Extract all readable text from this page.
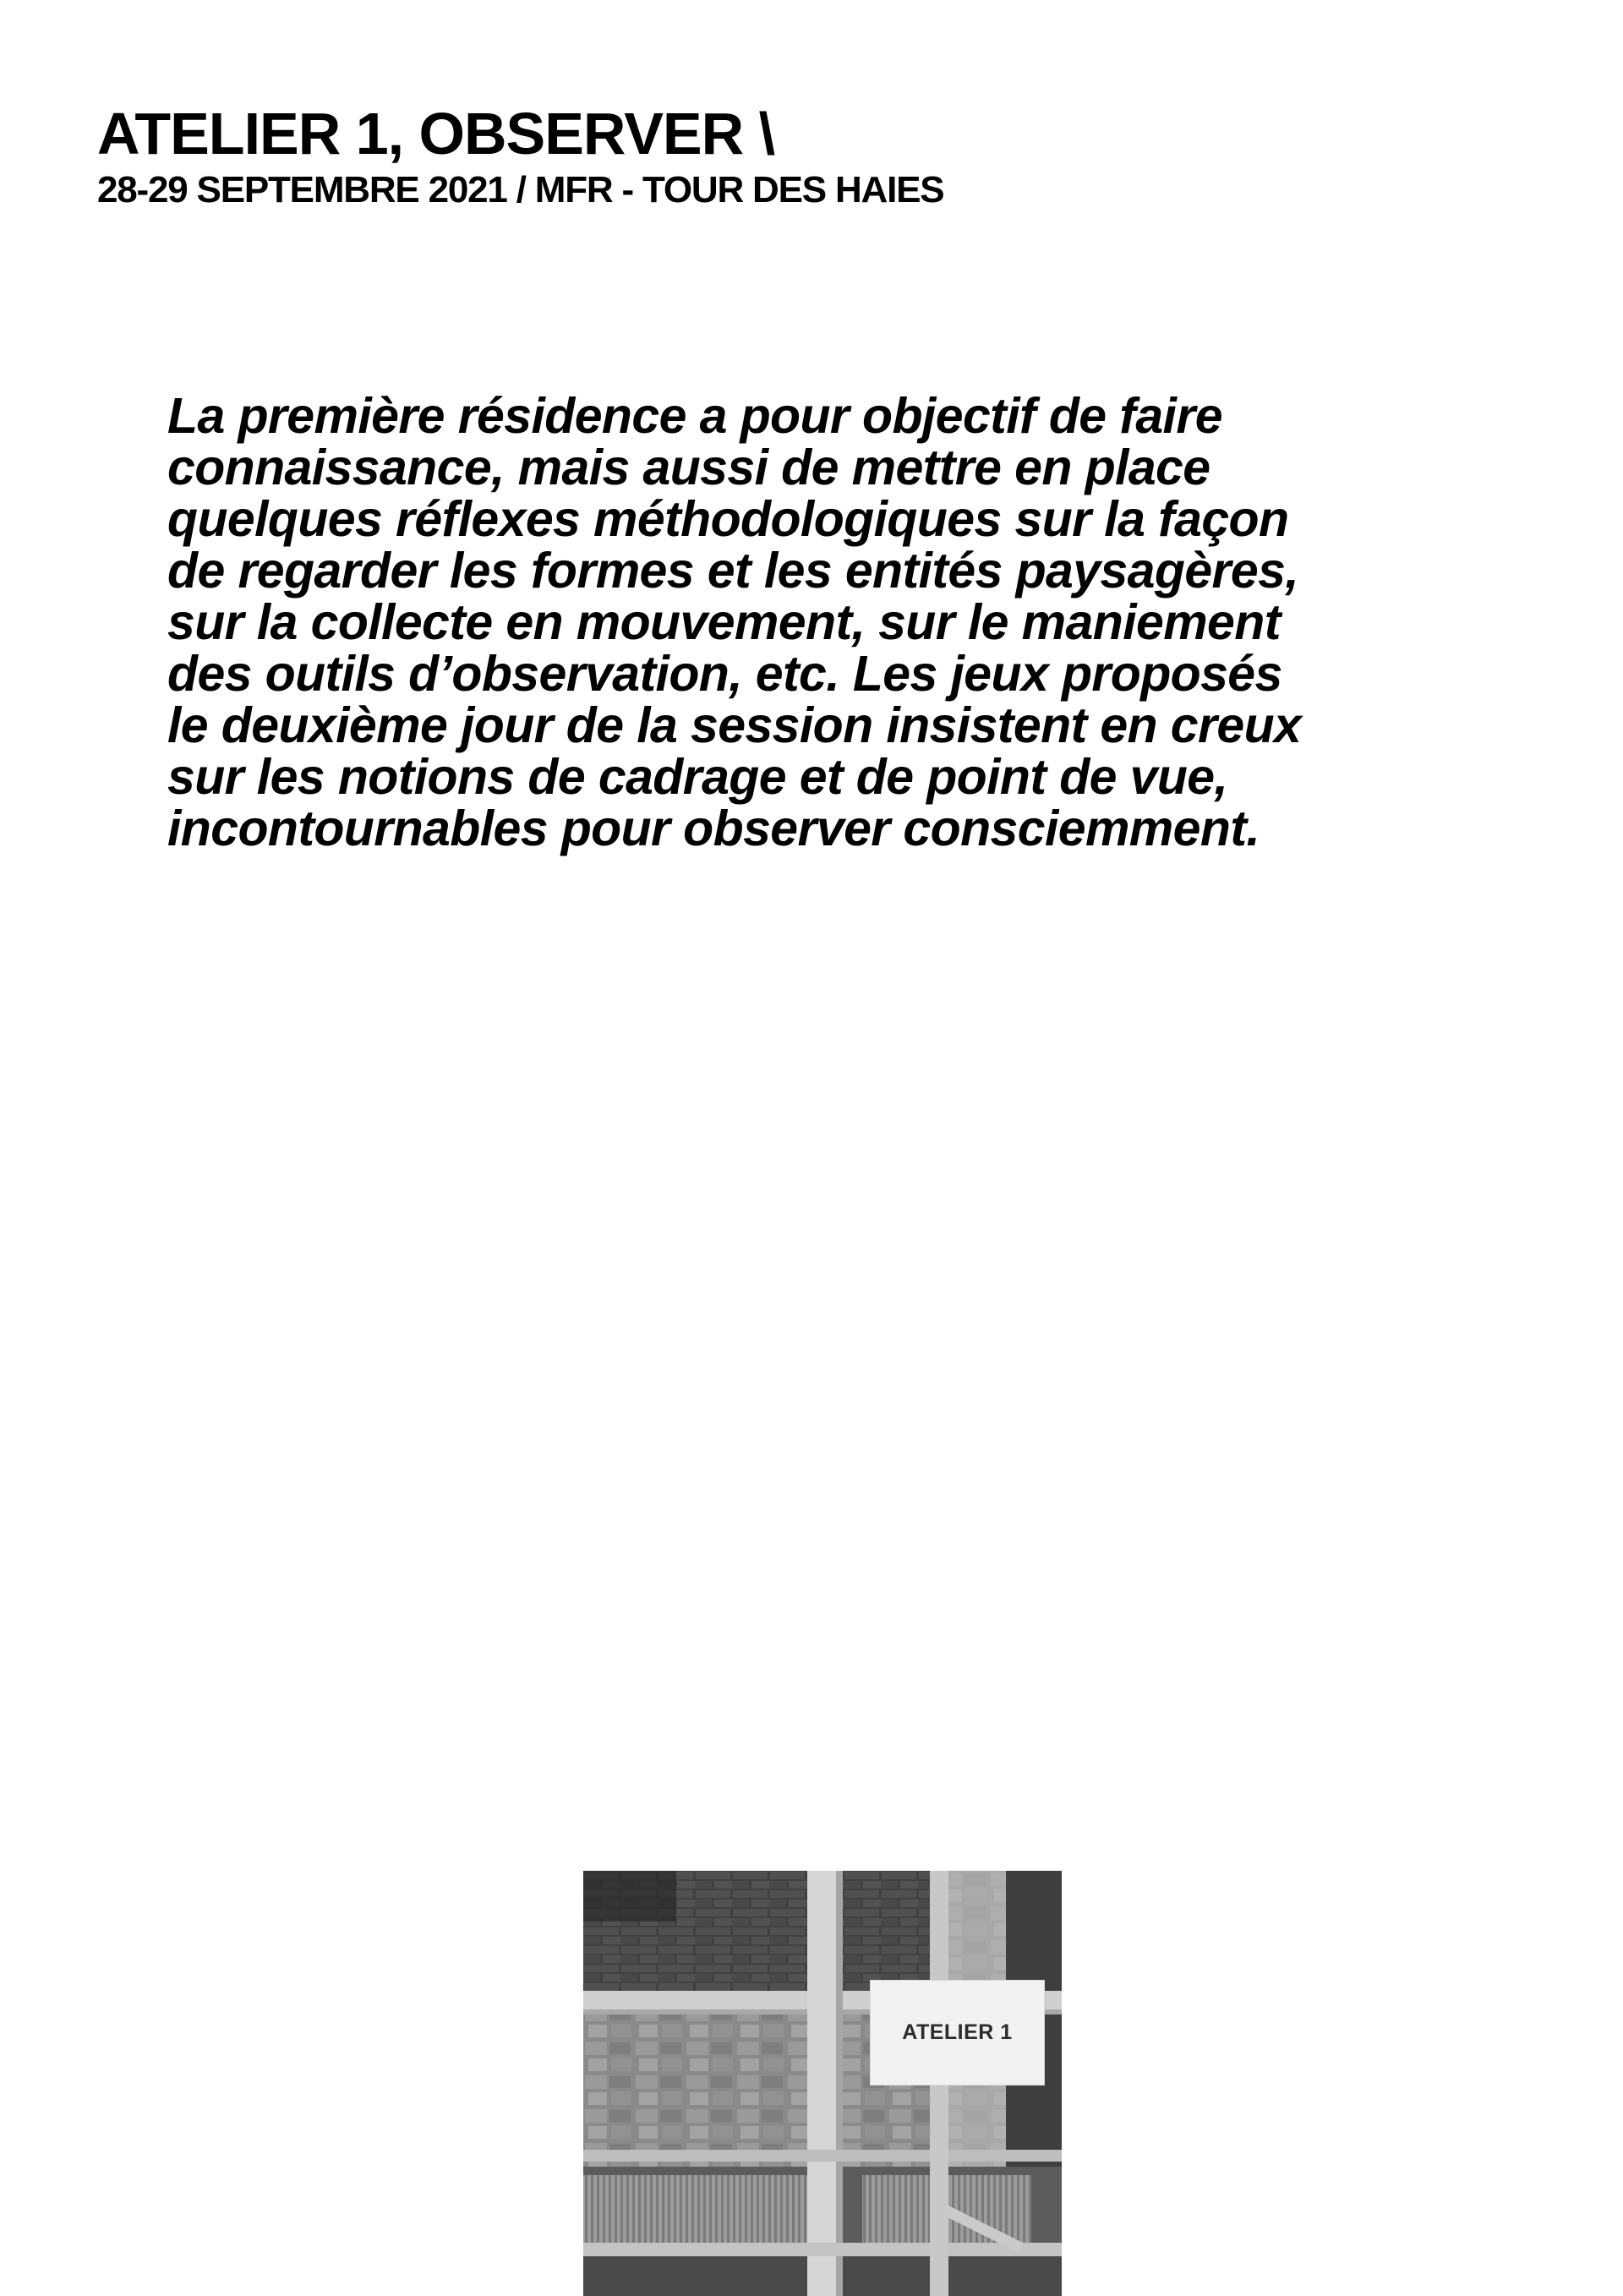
ATELIER 1, OBSERVER \

28-29 SEPTEMBRE 2021 / MFR - TOUR DES HAIES

La première résidence a pour objectif de faire
connaissance, mais aussi de mettre en place
quelques réflexes méthodologiques sur la façon
de regarder les formes et les entités paysagères,
sur la collecte en mouvement, sur le maniement
des outils d’observation, etc. Les jeux proposés
le deuxième jour de la session insistent en creux
sur les notions de cadrage et de point de vue,
incontournables pour observer consciemment.
ATELIER 1
